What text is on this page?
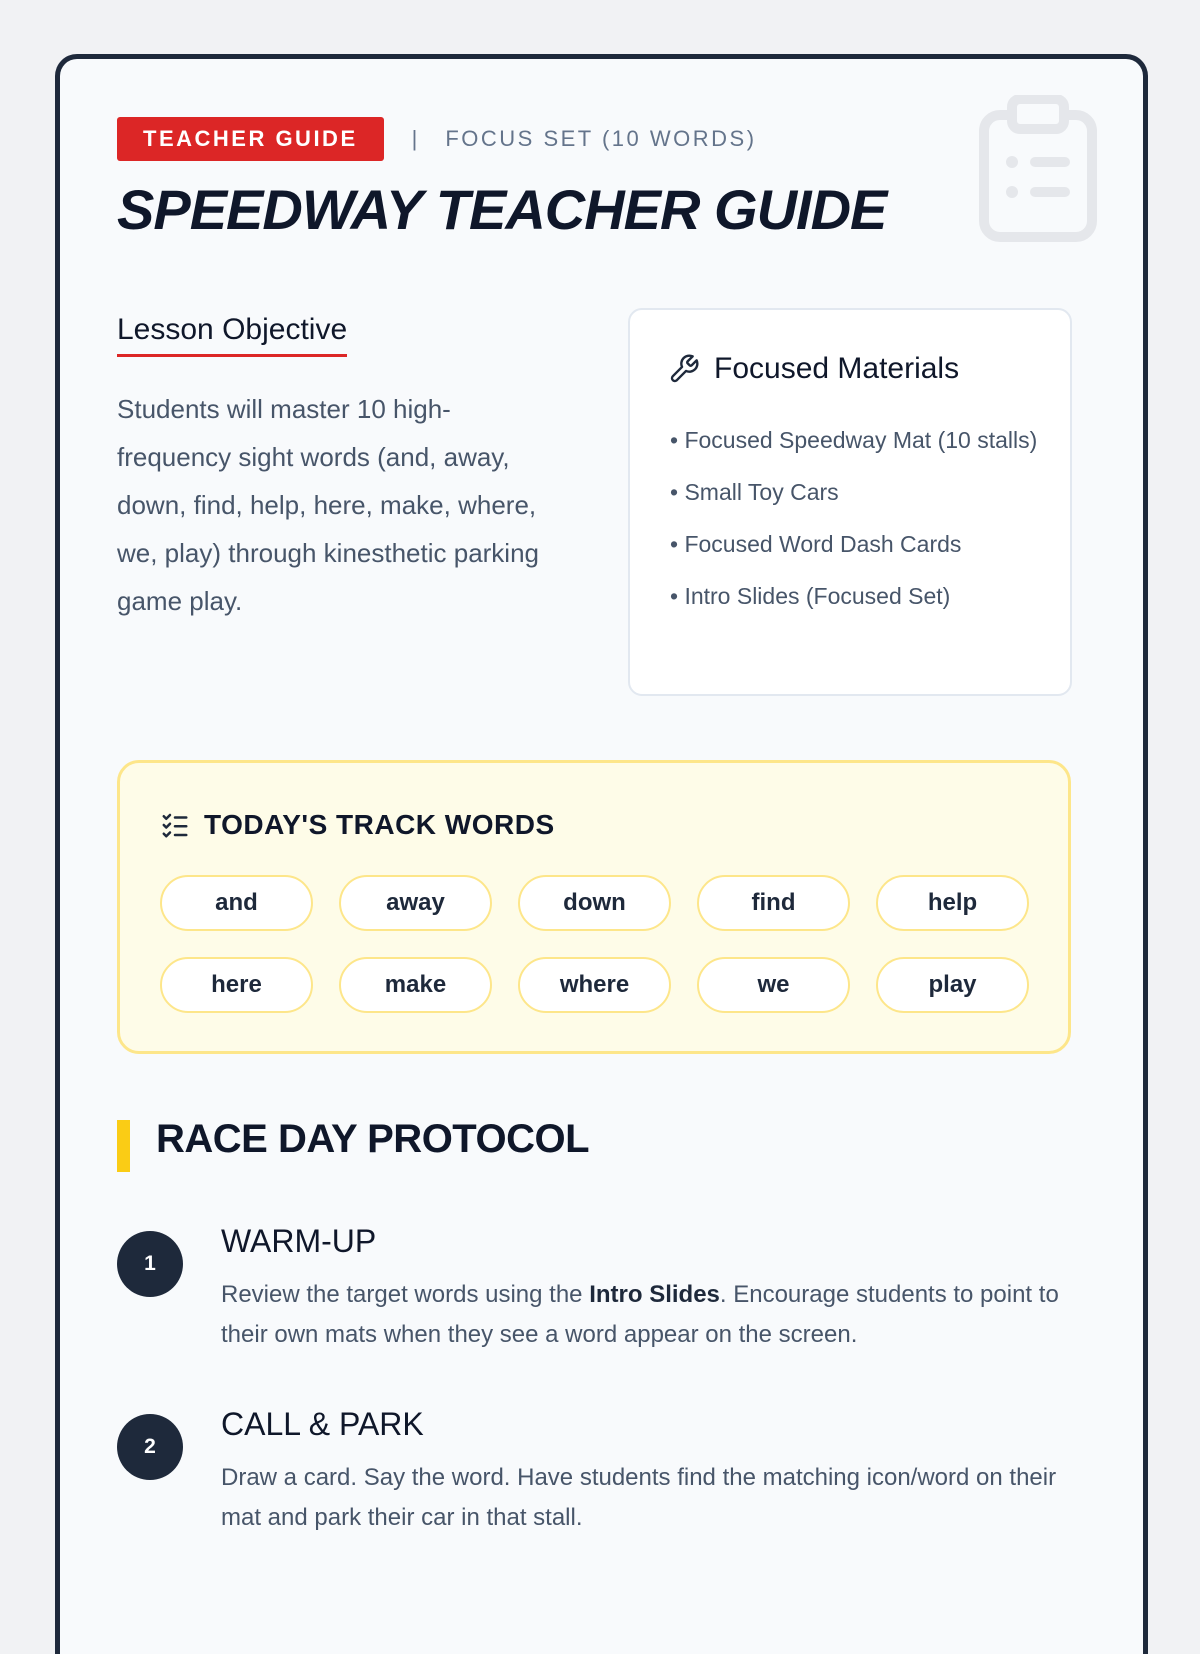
TEACHER GUIDE	| FOCUS SET (10 WORDS)
SPEEDWAY TEACHER GUIDE
Lesson Objective

Students will master 10 high-frequency sight words (and, away, down, find, help, here, make, where, we, play) through kinesthetic parking game play.

Focused Materials
• Focused Speedway Mat (10 stalls)
• Small Toy Cars
• Focused Word Dash Cards
• Intro Slides (Focused Set)
TODAY'S TRACK WORDS
and	away	down	find	help
here	make	where	we	play
RACE DAY PROTOCOL
1
WARM-UP

Review the target words using the Intro Slides. Encourage students to point to their own mats when they see a word appear on the screen.

2
CALL & PARK

Draw a card. Say the word. Have students find the matching icon/word on their mat and park their car in that stall.
